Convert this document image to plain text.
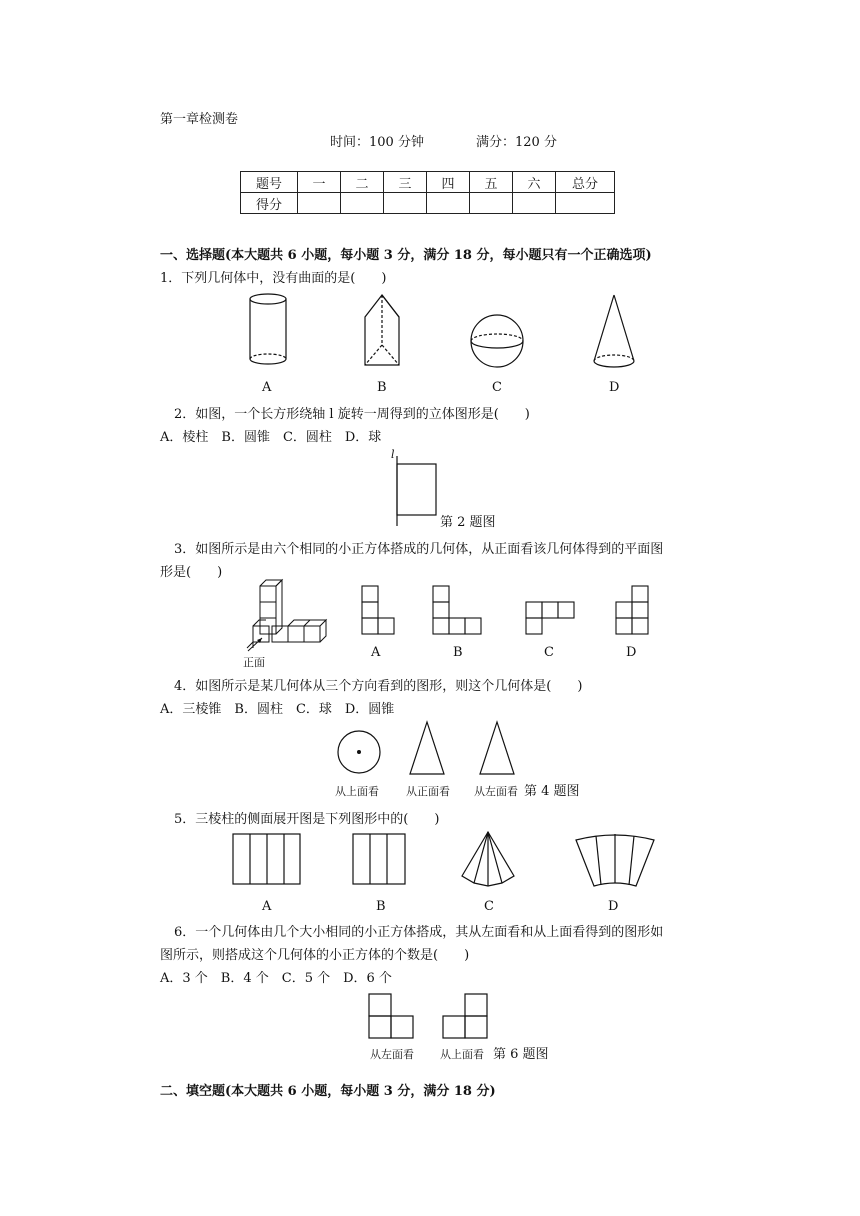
第一章检测卷
时间：100 分钟	满分：120 分
题号	一	二	三	四	五	六	总分
得分							
一、选择题(本大题共 6 小题，每小题 3 分，满分 18 分，每小题只有一个正确选项)
1．下列几何体中，没有曲面的是(　　)
A	B	C	D
2．如图，一个长方形绕轴 l 旋转一周得到的立体图形是(　　)
A．棱柱　B．圆锥　C．圆柱　D．球
l
第 2 题图
3．如图所示是由六个相同的小正方体搭成的几何体，从正面看该几何体得到的平面图
形是(　　)
正面
A	B	C	D
4．如图所示是某几何体从三个方向看到的图形，则这个几何体是(　　)
A．三棱锥　B．圆柱　C．球　D．圆锥
从上面看 从正面看 从左面看 第 4 题图
5．三棱柱的侧面展开图是下列图形中的(　　)
A	B	C	D
6．一个几何体由几个大小相同的小正方体搭成，其从左面看和从上面看得到的图形如
图所示，则搭成这个几何体的小正方体的个数是(　　)
A．3 个　B．4 个　C．5 个　D．6 个
从左面看 从上面看 第 6 题图
二、填空题(本大题共 6 小题，每小题 3 分，满分 18 分)
